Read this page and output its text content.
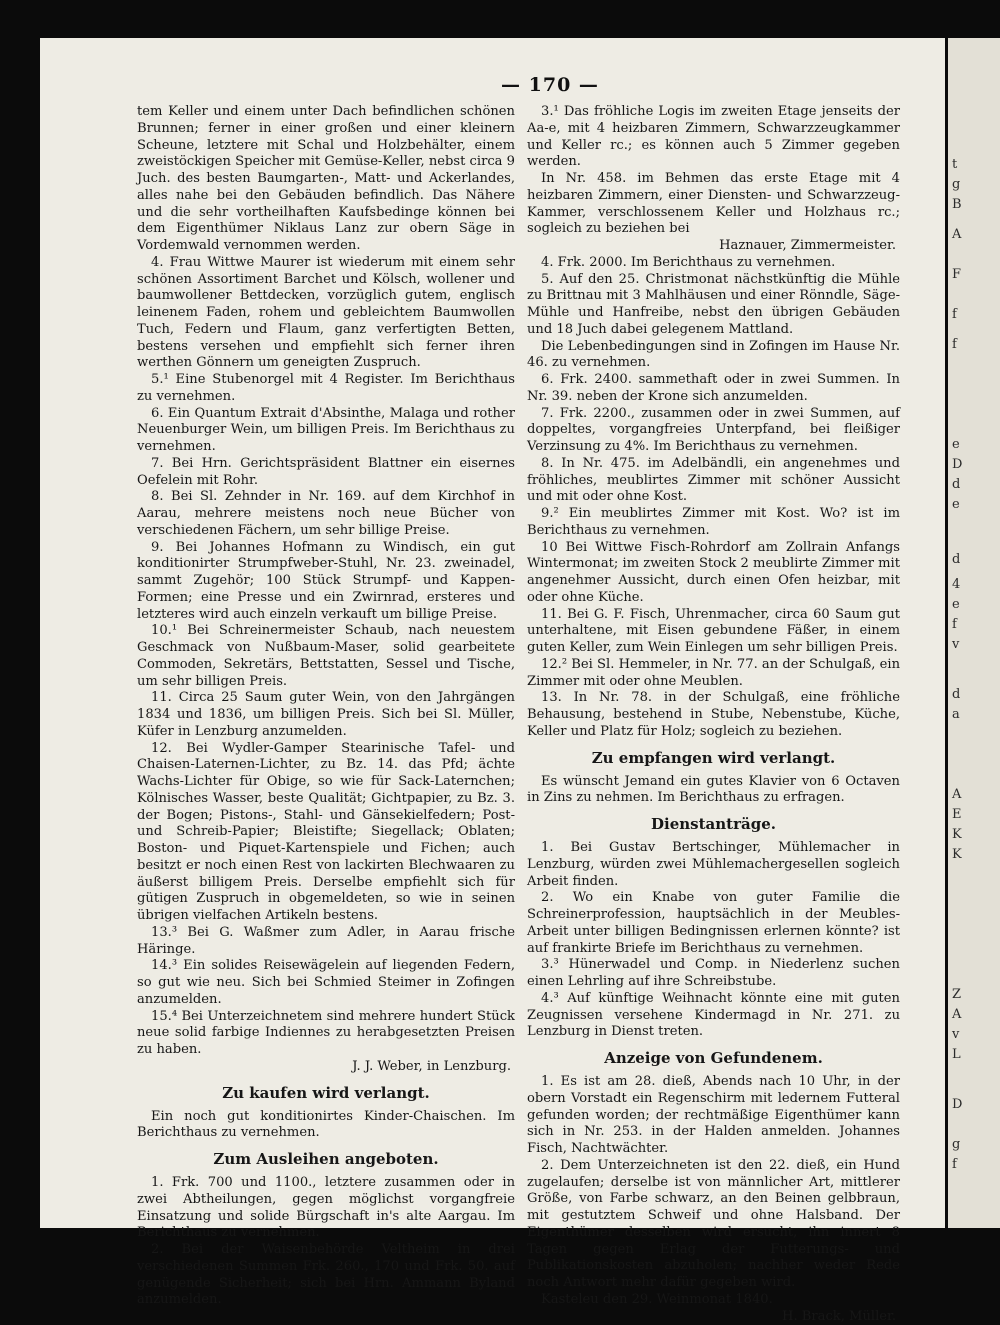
— 170 —

tem Keller und einem unter Dach befindlichen schönen Brunnen; ferner in einer großen und einer kleinern Scheune, letztere mit Schal und Holzbehälter, einem zweistöckigen Speicher mit Gemüse-Keller, nebst circa 9 Juch. des besten Baumgarten-, Matt- und Ackerlandes, alles nahe bei den Gebäuden befindlich. Das Nähere und die sehr vortheilhaften Kaufsbedinge können bei dem Eigenthümer Niklaus Lanz zur obern Säge in Vordemwald vernommen werden.

4. Frau Wittwe Maurer ist wiederum mit einem sehr schönen Assortiment Barchet und Kölsch, wollener und baumwollener Bettdecken, vorzüglich gutem, englisch leinenem Faden, rohem und gebleichtem Baumwollen Tuch, Federn und Flaum, ganz verfertigten Betten, bestens versehen und empfiehlt sich ferner ihren werthen Gönnern um geneigten Zuspruch.

5.¹ Eine Stubenorgel mit 4 Register. Im Berichthaus zu vernehmen.

6. Ein Quantum Extrait d'Absinthe, Malaga und rother Neuenburger Wein, um billigen Preis. Im Berichthaus zu vernehmen.

7. Bei Hrn. Gerichtspräsident Blattner ein eisernes Oefelein mit Rohr.

8. Bei Sl. Zehnder in Nr. 169. auf dem Kirchhof in Aarau, mehrere meistens noch neue Bücher von verschiedenen Fächern, um sehr billige Preise.

9. Bei Johannes Hofmann zu Windisch, ein gut konditionirter Strumpfweber-Stuhl, Nr. 23. zweinadel, sammt Zugehör; 100 Stück Strumpf- und Kappen-Formen; eine Presse und ein Zwirnrad, ersteres und letzteres wird auch einzeln verkauft um billige Preise.

10.¹ Bei Schreinermeister Schaub, nach neuestem Geschmack von Nußbaum-Maser, solid gearbeitete Commoden, Sekretärs, Bettstatten, Sessel und Tische, um sehr billigen Preis.

11. Circa 25 Saum guter Wein, von den Jahrgängen 1834 und 1836, um billigen Preis. Sich bei Sl. Müller, Küfer in Lenzburg anzumelden.

12. Bei Wydler-Gamper Stearinische Tafel- und Chaisen-Laternen-Lichter, zu Bz. 14. das Pfd; ächte Wachs-Lichter für Obige, so wie für Sack-Laternchen; Kölnisches Wasser, beste Qualität; Gichtpapier, zu Bz. 3. der Bogen; Pistons-, Stahl- und Gänsekielfedern; Post- und Schreib-Papier; Bleistifte; Siegellack; Oblaten; Boston- und Piquet-Kartenspiele und Fichen; auch besitzt er noch einen Rest von lackirten Blechwaaren zu äußerst billigem Preis. Derselbe empfiehlt sich für gütigen Zuspruch in obgemeldeten, so wie in seinen übrigen vielfachen Artikeln bestens.

13.³ Bei G. Waßmer zum Adler, in Aarau frische Häringe.

14.³ Ein solides Reisewägelein auf liegenden Federn, so gut wie neu. Sich bei Schmied Steimer in Zofingen anzumelden.

15.⁴ Bei Unterzeichnetem sind mehrere hundert Stück neue solid farbige Indiennes zu herabgesetzten Preisen zu haben.

J. J. Weber, in Lenzburg.

Zu kaufen wird verlangt.

Ein noch gut konditionirtes Kinder-Chaischen. Im Berichthaus zu vernehmen.

Zum Ausleihen angeboten.

1. Frk. 700 und 1100., letztere zusammen oder in zwei Abtheilungen, gegen möglichst vorgangfreie Einsatzung und solide Bürgschaft in's alte Aargau. Im Berichthaus zu vernehmen.

2. Bei der Waisenbehörde Veltheim in drei verschiedenen Summen Frk. 260., 170 und Frk. 50. auf genügende Sicherheit; sich bei Hrn. Ammann Byland anzumelden.

3.¹ Das fröhliche Logis im zweiten Etage jenseits der Aa-e, mit 4 heizbaren Zimmern, Schwarzzeugkammer und Keller rc.; es können auch 5 Zimmer gegeben werden.

In Nr. 458. im Behmen das erste Etage mit 4 heizbaren Zimmern, einer Diensten- und Schwarzzeug-Kammer, verschlossenem Keller und Holzhaus rc.; sogleich zu beziehen bei

Haznauer, Zimmermeister.

4. Frk. 2000. Im Berichthaus zu vernehmen.

5. Auf den 25. Christmonat nächstkünftig die Mühle zu Brittnau mit 3 Mahlhäusen und einer Rönndle, Säge-Mühle und Hanfreibe, nebst den übrigen Gebäuden und 18 Juch dabei gelegenem Mattland.

Die Lebenbedingungen sind in Zofingen im Hause Nr. 46. zu vernehmen.

6. Frk. 2400. sammethaft oder in zwei Summen. In Nr. 39. neben der Krone sich anzumelden.

7. Frk. 2200., zusammen oder in zwei Summen, auf doppeltes, vorgangfreies Unterpfand, bei fleißiger Verzinsung zu 4%. Im Berichthaus zu vernehmen.

8. In Nr. 475. im Adelbändli, ein angenehmes und fröhliches, meublirtes Zimmer mit schöner Aussicht und mit oder ohne Kost.

9.² Ein meublirtes Zimmer mit Kost. Wo? ist im Berichthaus zu vernehmen.

10 Bei Wittwe Fisch-Rohrdorf am Zollrain Anfangs Wintermonat; im zweiten Stock 2 meublirte Zimmer mit angenehmer Aussicht, durch einen Ofen heizbar, mit oder ohne Küche.

11. Bei G. F. Fisch, Uhrenmacher, circa 60 Saum gut unterhaltene, mit Eisen gebundene Fäßer, in einem guten Keller, zum Wein Einlegen um sehr billigen Preis.

12.² Bei Sl. Hemmeler, in Nr. 77. an der Schulgaß, ein Zimmer mit oder ohne Meublen.

13. In Nr. 78. in der Schulgaß, eine fröhliche Behausung, bestehend in Stube, Nebenstube, Küche, Keller und Platz für Holz; sogleich zu beziehen.

Zu empfangen wird verlangt.

Es wünscht Jemand ein gutes Klavier von 6 Octaven in Zins zu nehmen. Im Berichthaus zu erfragen.

Dienstanträge.

1. Bei Gustav Bertschinger, Mühlemacher in Lenzburg, würden zwei Mühlemachergesellen sogleich Arbeit finden.

2. Wo ein Knabe von guter Familie die Schreinerprofession, hauptsächlich in der Meubles-Arbeit unter billigen Bedingnissen erlernen könnte? ist auf frankirte Briefe im Berichthaus zu vernehmen.

3.³ Hünerwadel und Comp. in Niederlenz suchen einen Lehrling auf ihre Schreibstube.

4.³ Auf künftige Weihnacht könnte eine mit guten Zeugnissen versehene Kindermagd in Nr. 271. zu Lenzburg in Dienst treten.

Anzeige von Gefundenem.

1. Es ist am 28. dieß, Abends nach 10 Uhr, in der obern Vorstadt ein Regenschirm mit ledernem Futteral gefunden worden; der rechtmäßige Eigenthümer kann sich in Nr. 253. in der Halden anmelden. Johannes Fisch, Nachtwächter.

2. Dem Unterzeichneten ist den 22. dieß, ein Hund zugelaufen; derselbe ist von männlicher Art, mittlerer Größe, von Farbe schwarz, an den Beinen gelbbraun, mit gestutztem Schweif und ohne Halsband. Der Eigenthümer desselben wird ersucht, ihn innert 8 Tagen gegen Erlag der Futterungs- und Publikationskosten abzuholen; nachher weder Rede noch Antwort mehr dafür gegeben wird.

Kasteleu den 29. Weinmonat 1840.

H. Brack, Müller.

t
g
B
A
F
f
f
e
D
d
e
d
4
e
f
v
d
a
A
E
K
K
Z
A
v
L
D
g
f
